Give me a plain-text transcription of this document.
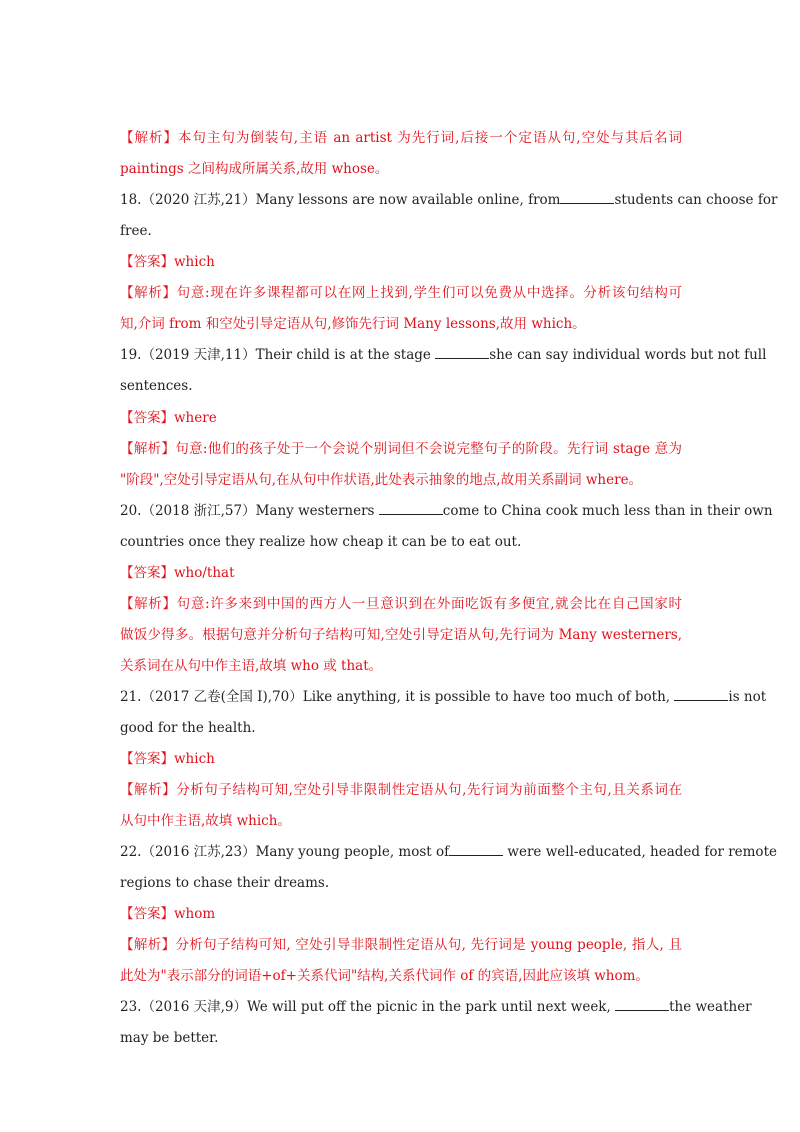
【解析】本句主句为倒装句,主语 an artist 为先行词,后接一个定语从句,空处与其后名词
paintings 之间构成所属关系,故用 whose。
18.（2020 江苏,21）Many lessons are now available online, from	students can choose for
free.
【答案】which
【解析】句意:现在许多课程都可以在网上找到,学生们可以免费从中选择。分析该句结构可
知,介词 from 和空处引导定语从句,修饰先行词 Many lessons,故用 which。
19.（2019 天津,11）Their child is at the stage	she can say individual words but not full
sentences.
【答案】where
【解析】句意:他们的孩子处于一个会说个别词但不会说完整句子的阶段。先行词 stage 意为
"阶段",空处引导定语从句,在从句中作状语,此处表示抽象的地点,故用关系副词 where。
20.（2018 浙江,57）Many westerners	come to China cook much less than in their own
countries once they realize how cheap it can be to eat out.
【答案】who/that
【解析】句意:许多来到中国的西方人一旦意识到在外面吃饭有多便宜,就会比在自己国家时
做饭少得多。根据句意并分析句子结构可知,空处引导定语从句,先行词为 Many westerners,
关系词在从句中作主语,故填 who 或 that。
21.（2017 乙卷(全国 I),70）Like anything, it is possible to have too much of both,	is not
good for the health.
【答案】which
【解析】分析句子结构可知,空处引导非限制性定语从句,先行词为前面整个主句,且关系词在
从句中作主语,故填 which。
22.（2016 江苏,23）Many young people, most of	were well-educated, headed for remote
regions to chase their dreams.
【答案】whom
【解析】分析句子结构可知, 空处引导非限制性定语从句, 先行词是 young people, 指人, 且
此处为"表示部分的词语+of+关系代词"结构,关系代词作 of 的宾语,因此应该填 whom。
23.（2016 天津,9）We will put off the picnic in the park until next week,	the weather
may be better.
